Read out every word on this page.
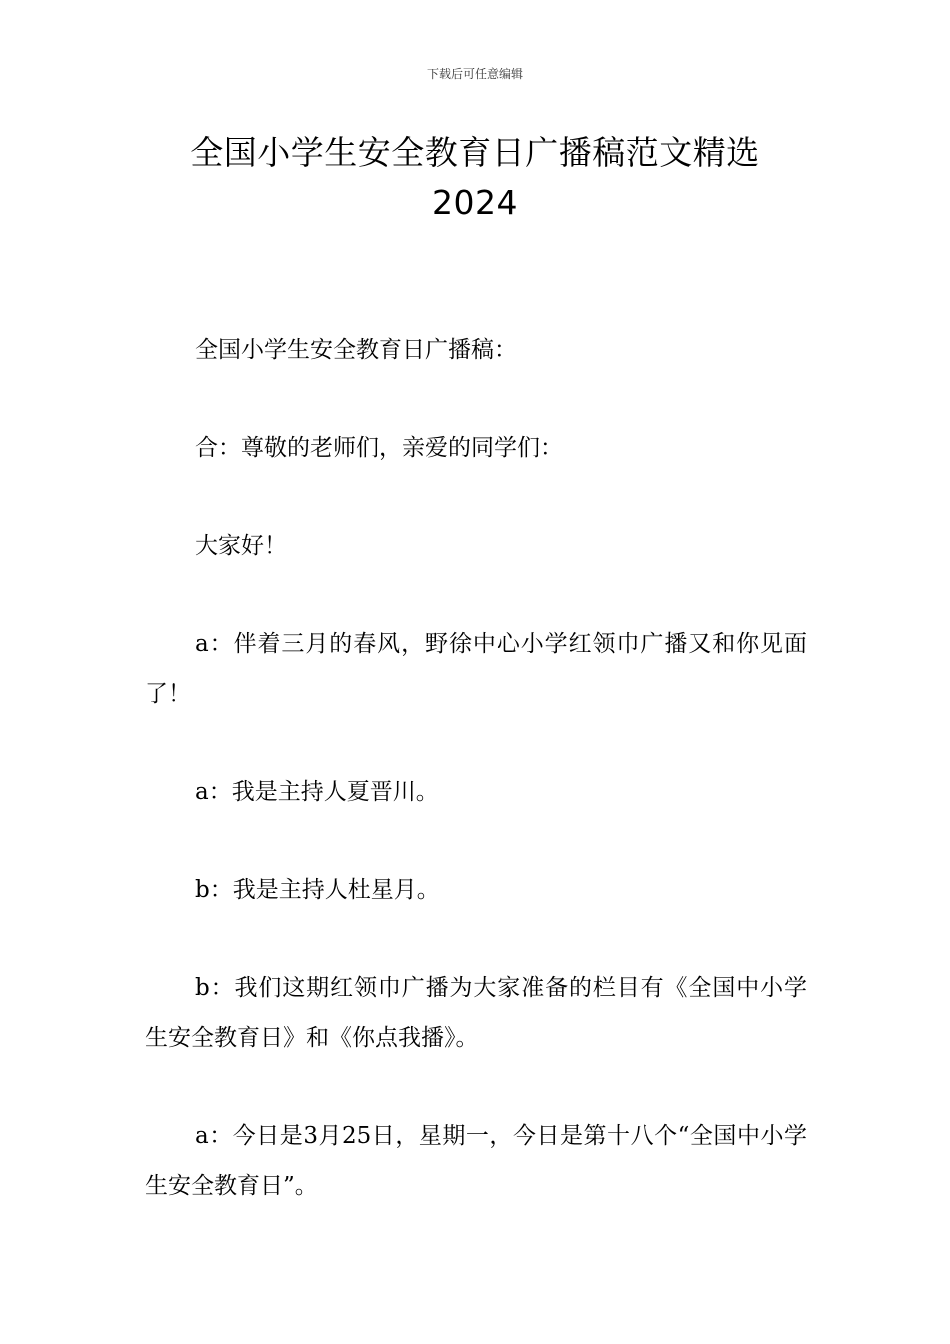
下载后可任意编辑
全国小学生安全教育日广播稿范文精选
2024

全国小学生安全教育日广播稿：

合：尊敬的老师们，亲爱的同学们：

大家好！

a：伴着三月的春风，野徐中心小学红领巾广播又和你见面了！

a：我是主持人夏晋川。

b：我是主持人杜星月。

b：我们这期红领巾广播为大家准备的栏目有《全国中小学生安全教育日》和《你点我播》。

a：今日是3月25日，星期一，今日是第十八个“全国中小学生安全教育日”。
